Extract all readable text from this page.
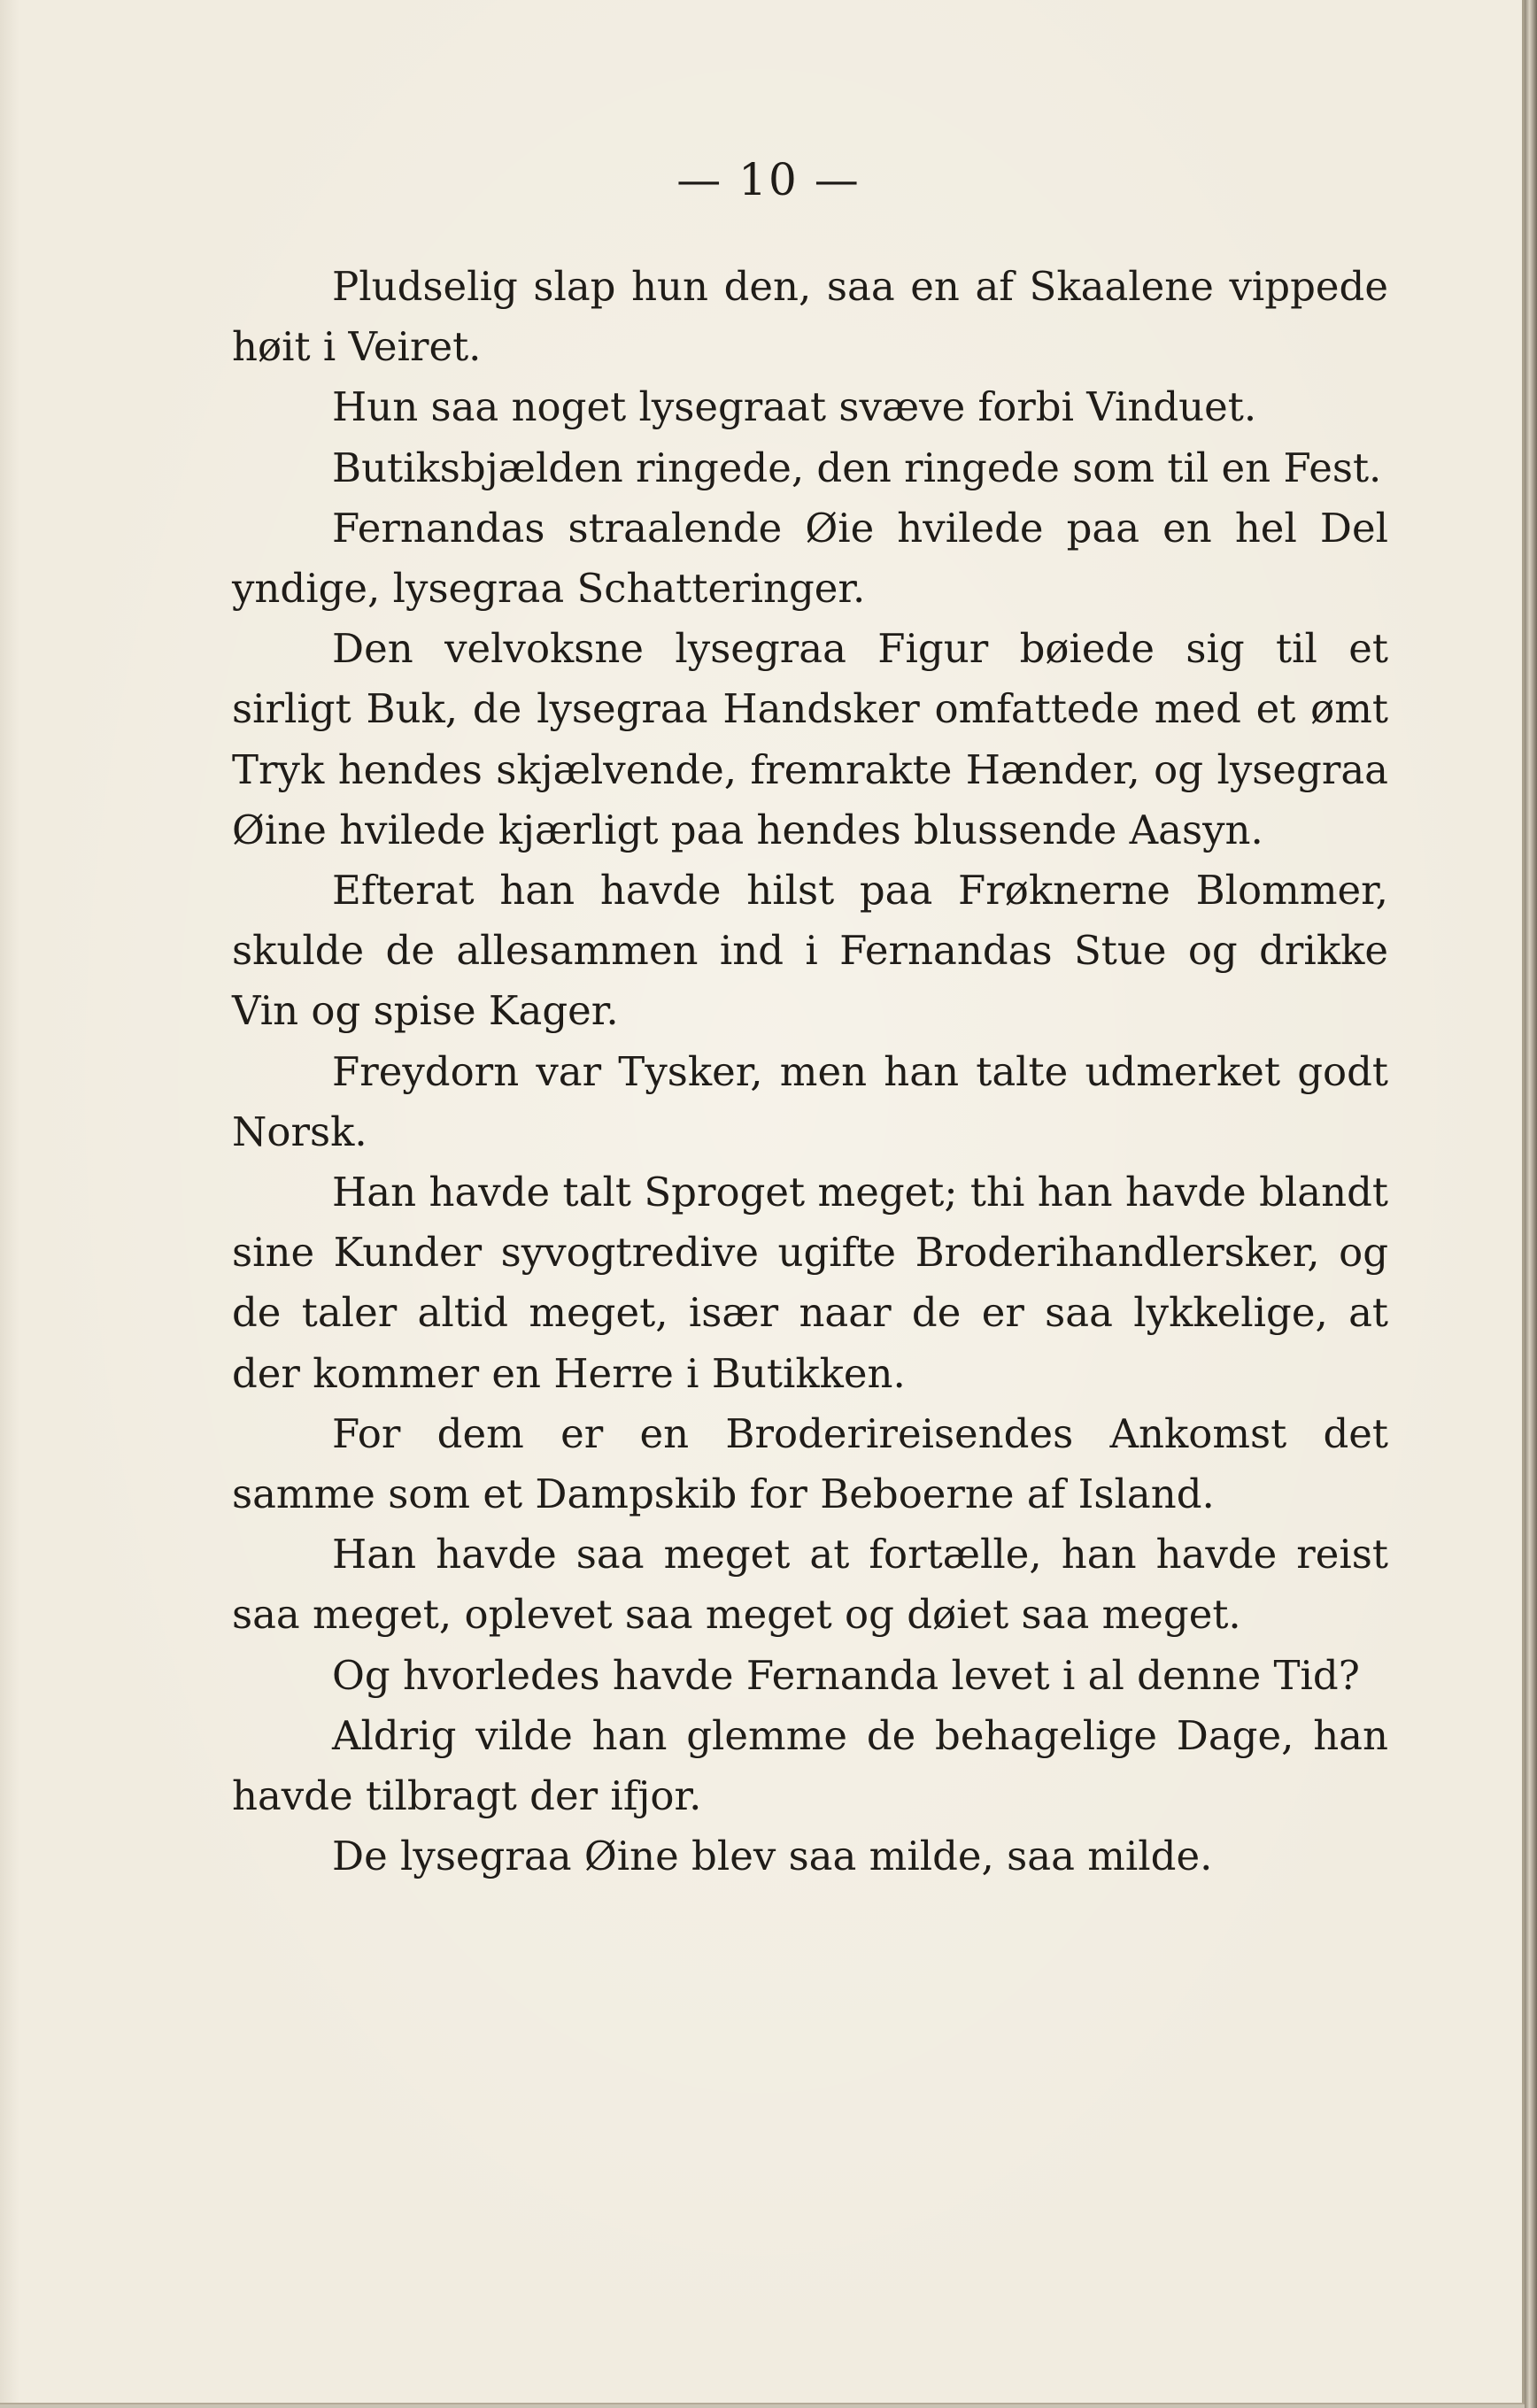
— 10 —

Pludselig slap hun den, saa en af Skaalene vippede høit i Veiret.

Hun saa noget lysegraat svæve forbi Vinduet.

Butiksbjælden ringede, den ringede som til en Fest.

Fernandas straalende Øie hvilede paa en hel Del yndige, lysegraa Schatteringer.

Den velvoksne lysegraa Figur bøiede sig til et sirligt Buk, de lysegraa Handsker omfattede med et ømt Tryk hendes skjælvende, fremrakte Hænder, og lysegraa Øine hvilede kjærligt paa hendes blussende Aasyn.

Efterat han havde hilst paa Frøknerne Blommer, skulde de allesammen ind i Fernandas Stue og drikke Vin og spise Kager.

Freydorn var Tysker, men han talte udmerket godt Norsk.

Han havde talt Sproget meget; thi han havde blandt sine Kunder syvogtredive ugifte Broderihandlersker, og de taler altid meget, især naar de er saa lykkelige, at der kommer en Herre i Butikken.

For dem er en Broderireisendes Ankomst det samme som et Dampskib for Beboerne af Island.

Han havde saa meget at fortælle, han havde reist saa meget, oplevet saa meget og døiet saa meget.

Og hvorledes havde Fernanda levet i al denne Tid?

Aldrig vilde han glemme de behagelige Dage, han havde tilbragt der ifjor.

De lysegraa Øine blev saa milde, saa milde.
